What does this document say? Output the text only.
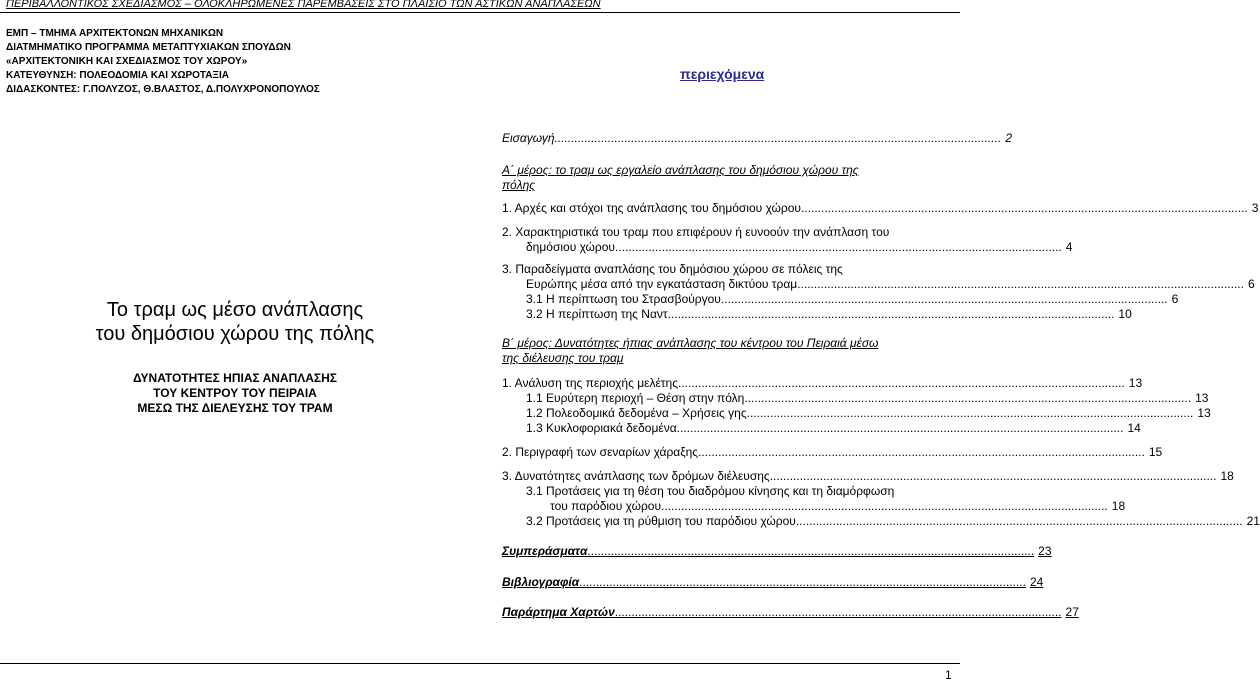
ΠΕΡΙΒΑΛΛΟΝΤΙΚΟΣ ΣΧΕΔΙΑΣΜΟΣ – ΟΛΟΚΛΗΡΩΜΕΝΕΣ ΠΑΡΕΜΒΑΣΕΙΣ ΣΤΟ ΠΛΑΙΣΙΟ ΤΩΝ ΑΣΤΙΚΩΝ ΑΝΑΠΛΑΣΕΩΝ
ΕΜΠ – ΤΜΗΜΑ ΑΡΧΙΤΕΚΤΟΝΩΝ ΜΗΧΑΝΙΚΩΝ
ΔΙΑΤΜΗΜΑΤΙΚΟ ΠΡΟΓΡΑΜΜΑ ΜΕΤΑΠΤΥΧΙΑΚΩΝ ΣΠΟΥΔΩΝ
«ΑΡΧΙΤΕΚΤΟΝΙΚΗ ΚΑΙ ΣΧΕΔΙΑΣΜΟΣ ΤΟΥ ΧΩΡΟΥ»
ΚΑΤΕΥΘΥΝΣΗ: ΠΟΛΕΟΔΟΜΙΑ ΚΑΙ ΧΩΡΟΤΑΞΙΑ
ΔΙΔΑΣΚΟΝΤΕΣ: Γ.ΠΟΛΥΖΟΣ, Θ.ΒΛΑΣΤΟΣ, Δ.ΠΟΛΥΧΡΟΝΟΠΟΥΛΟΣ
περιεχόμενα
Το τραμ ως μέσο ανάπλασης
του δημόσιου χώρου της πόλης
ΔΥΝΑΤΟΤΗΤΕΣ ΗΠΙΑΣ ΑΝΑΠΛΑΣΗΣ
ΤΟΥ ΚΕΝΤΡΟΥ ΤΟΥ ΠΕΙΡΑΙΑ
ΜΕΣΩ ΤΗΣ ΔΙΕΛΕΥΣΗΣ ΤΟΥ ΤΡΑΜ
Εισαγωγή ...................................................................................................................................... 2
Α΄ μέρος: το τραμ ως εργαλείο ανάπλασης του δημόσιου χώρου της
πόλης
1. Αρχές και στόχοι της ανάπλασης του δημόσιου χώρου ...................................................................................................................................... 3
2. Χαρακτηριστικά του τραμ που επιφέρουν ή ευνοούν την ανάπλαση του
δημόσιου χώρου ...................................................................................................................................... 4
3. Παραδείγματα αναπλάσης του δημόσιου χώρου σε πόλεις της
Ευρώπης μέσα από την εγκατάσταση δικτύου τραμ ...................................................................................................................................... 6
3.1 Η περίπτωση του Στρασβούργου ...................................................................................................................................... 6
3.2 Η περίπτωση της Ναντ ...................................................................................................................................... 10
Β΄ μέρος: Δυνατότητες ήπιας ανάπλασης του κέντρου του Πειραιά μέσω
της διέλευσης του τραμ
1. Ανάλυση της περιοχής μελέτης ...................................................................................................................................... 13
1.1 Ευρύτερη περιοχή – Θέση στην πόλη ...................................................................................................................................... 13
1.2 Πολεοδομικά δεδομένα – Χρήσεις γης ...................................................................................................................................... 13
1.3 Κυκλοφοριακά δεδομένα ...................................................................................................................................... 14
2. Περιγραφή των σεναρίων χάραξης ...................................................................................................................................... 15
3. Δυνατότητες ανάπλασης των δρόμων διέλευσης ...................................................................................................................................... 18
3.1 Προτάσεις για τη θέση του διαδρόμου κίνησης και τη διαμόρφωση
του παρόδιου χώρου ...................................................................................................................................... 18
3.2 Προτάσεις για τη ρύθμιση του παρόδιου χώρου ...................................................................................................................................... 21
Συμπεράσματα ...................................................................................................................................... 23
Βιβλιογραφία ...................................................................................................................................... 24
Παράρτημα Χαρτών ...................................................................................................................................... 27
1
